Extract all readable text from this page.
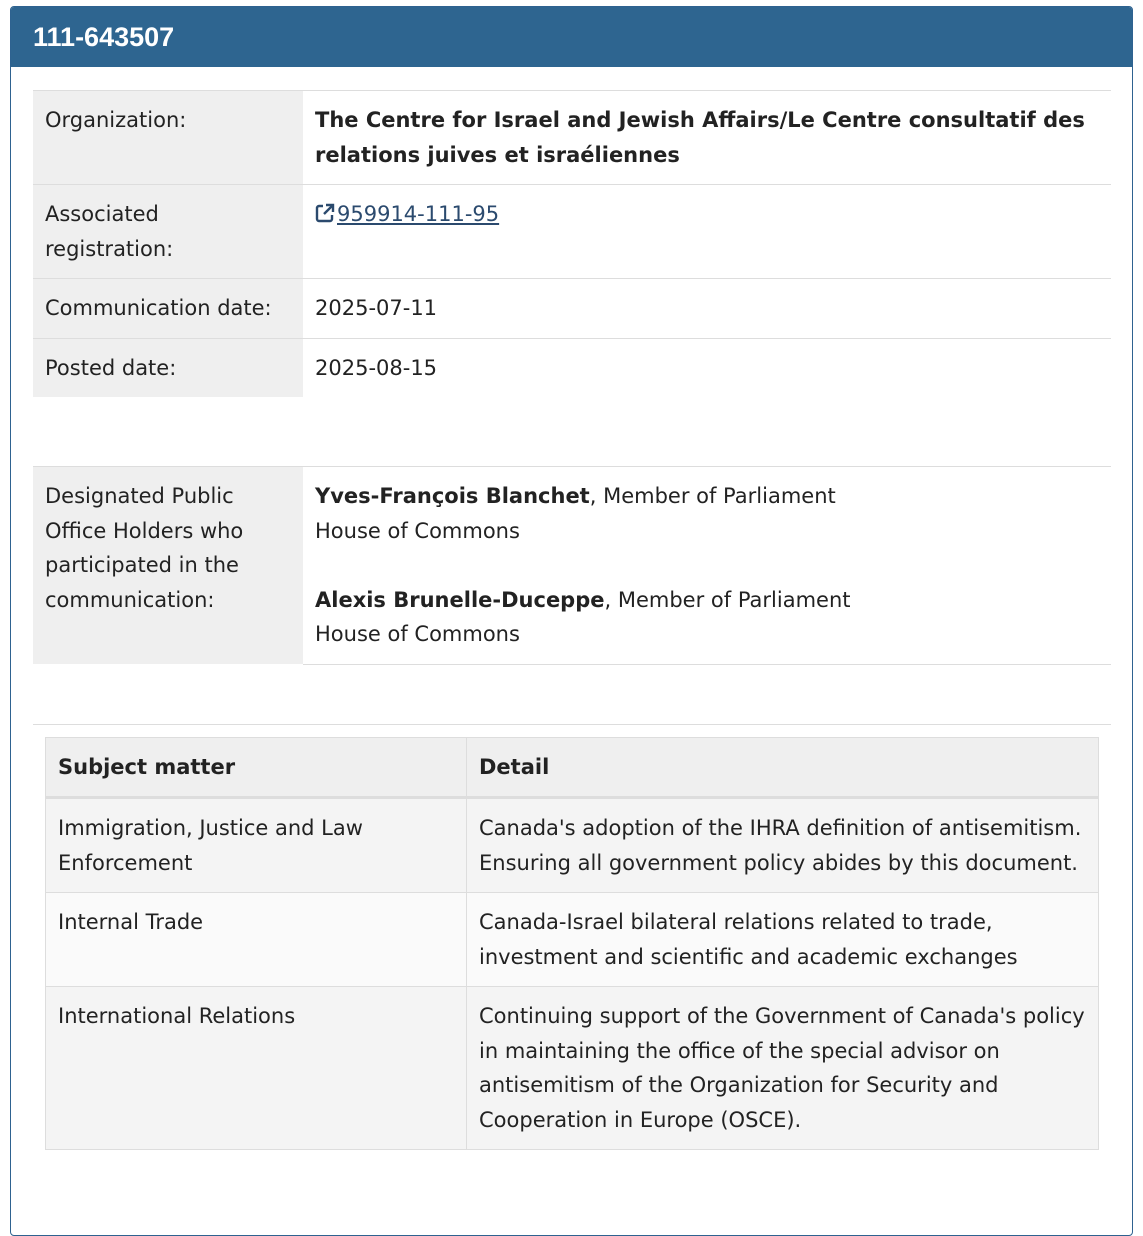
111-643507
Organization:	The Centre for Israel and Jewish Affairs/Le Centre consultatif des relations juives et israéliennes
Associated registration:	959914-111-95
Communication date:	2025-07-11
Posted date:	2025-08-15
Designated Public Office Holders who participated in the communication:	
Yves-François Blanchet, Member of Parliament
House of Commons
Alexis Brunelle-Duceppe, Member of Parliament
House of Commons
Subject matter	Detail
Immigration, Justice and Law Enforcement	Canada's adoption of the IHRA definition of antisemitism. Ensuring all government policy abides by this document.
Internal Trade	Canada-Israel bilateral relations related to trade, investment and scientific and academic exchanges
International Relations	Continuing support of the Government of Canada's policy in maintaining the office of the special advisor on antisemitism of the Organization for Security and Cooperation in Europe (OSCE).
